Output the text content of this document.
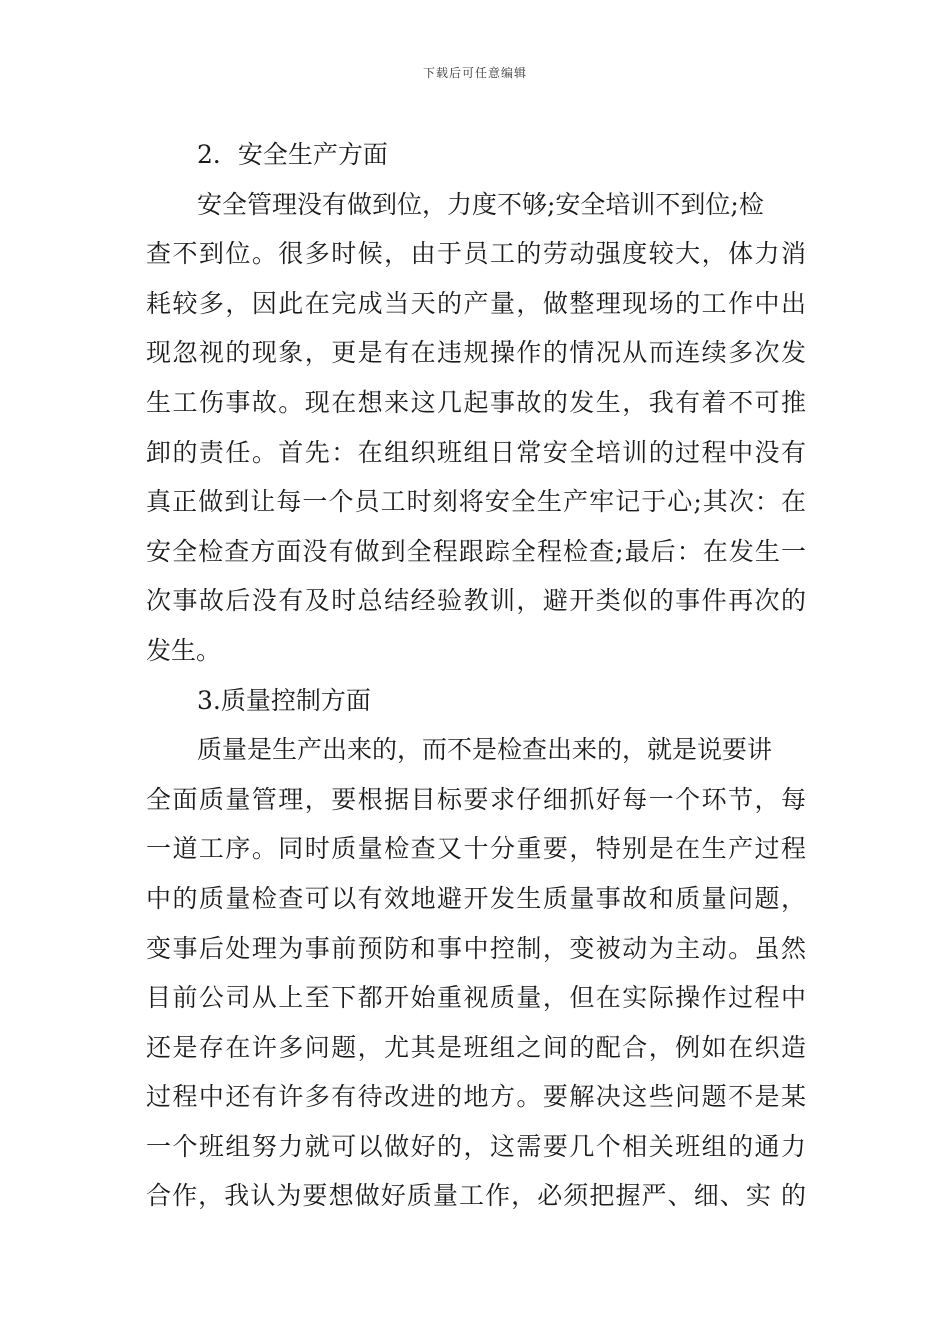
下载后可任意编辑
2．安全生产方面
安全管理没有做到位，力度不够;安全培训不到位;检
查不到位。很多时候，由于员工的劳动强度较大，体力消
耗较多，因此在完成当天的产量，做整理现场的工作中出
现忽视的现象，更是有在违规操作的情况从而连续多次发
生工伤事故。现在想来这几起事故的发生，我有着不可推
卸的责任。首先：在组织班组日常安全培训的过程中没有
真正做到让每一个员工时刻将安全生产牢记于心;其次：在
安全检查方面没有做到全程跟踪全程检查;最后：在发生一
次事故后没有及时总结经验教训，避开类似的事件再次的
发生。
3.质量控制方面
质量是生产出来的，而不是检查出来的，就是说要讲
全面质量管理，要根据目标要求仔细抓好每一个环节，每
一道工序。同时质量检查又十分重要，特别是在生产过程
中的质量检查可以有效地避开发生质量事故和质量问题，
变事后处理为事前预防和事中控制，变被动为主动。虽然
目前公司从上至下都开始重视质量，但在实际操作过程中
还是存在许多问题，尤其是班组之间的配合，例如在织造
过程中还有许多有待改进的地方。要解决这些问题不是某
一个班组努力就可以做好的，这需要几个相关班组的通力
合作，我认为要想做好质量工作，必须把握严、细、实 的
